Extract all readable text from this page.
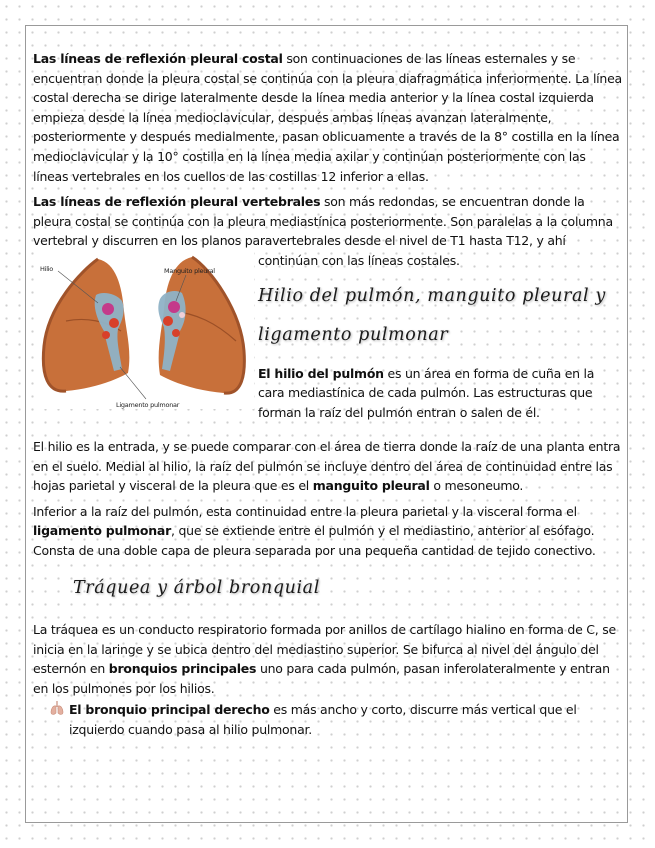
Las líneas de reflexión pleural costal son continuaciones de las líneas esternales y se encuentran donde la pleura costal se continúa con la pleura diafragmática inferiormente. La línea costal derecha se dirige lateralmente desde la línea media anterior y la línea costal izquierda empieza desde la línea medioclavicular, después ambas líneas avanzan lateralmente, posteriormente y después medialmente, pasan oblicuamente a través de la 8° costilla en la línea medioclavicular y la 10° costilla en la línea media axilar y continúan posteriormente con las líneas vertebrales en los cuellos de las costillas 12 inferior a ellas.

Las líneas de reflexión pleural vertebrales son más redondas, se encuentran donde la pleura costal se continúa con la pleura mediastínica posteriormente. Son paralelas a la columna vertebral y discurren en los planos paravertebrales desde el nivel de T1 hasta T12, y ahí

Hilio	Manguito pleural
Ligamento pulmonar

continúan con las líneas costales.

Hilio del pulmón, manguito pleural y

ligamento pulmonar

El hilio del pulmón es un área en forma de cuña en la cara mediastínica de cada pulmón. Las estructuras que forman la raíz del pulmón entran o salen de él.

El hilio es la entrada, y se puede comparar con el área de tierra donde la raíz de una planta entra en el suelo. Medial al hilio, la raíz del pulmón se incluye dentro del área de continuidad entre las hojas parietal y visceral de la pleura que es el manguito pleural o mesoneumo.

Inferior a la raíz del pulmón, esta continuidad entre la pleura parietal y la visceral forma el ligamento pulmonar, que se extiende entre el pulmón y el mediastino, anterior al esófago. Consta de una doble capa de pleura separada por una pequeña cantidad de tejido conectivo.

Tráquea y árbol bronquial

La tráquea es un conducto respiratorio formada por anillos de cartílago hialino en forma de C, se inicia en la laringe y se ubica dentro del mediastino superior. Se bifurca al nivel del ángulo del esternón en bronquios principales uno para cada pulmón, pasan inferolateralmente y entran en los pulmones por los hilios.

El bronquio principal derecho es más ancho y corto, discurre más vertical que el izquierdo cuando pasa al hilio pulmonar.
